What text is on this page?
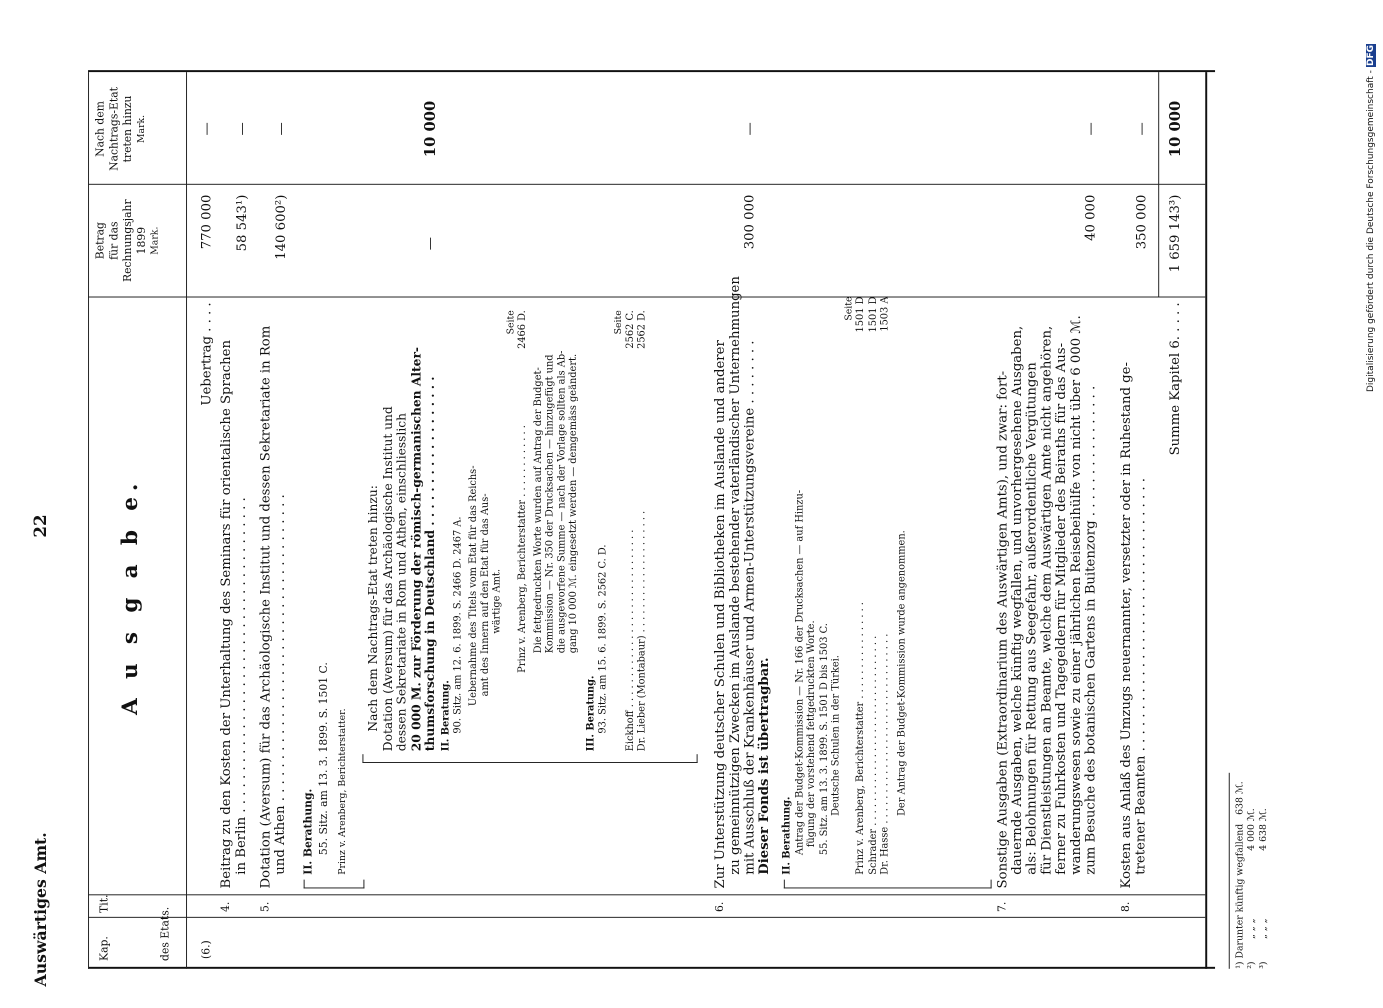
Auswärtiges Amt.
22
Kap.
Tit.
des Etats.
A u s g a b e.
Betrag für das Rechnungsjahr 1899 Mark.
Nach dem Nachtrags-Etat treten hinzu Mark.
(6.)
Uebertrag . . . .
770 000
—
4.
Beitrag zu den Kosten der Unterhaltung des Seminars für orientalische Sprachen in Berlin . . . . . . . . . . . . . . . . . . . . . . . . . . . . . . . . . . . . . .
58 543¹)
—
5.
Dotation (Aversum) für das Archäologische Institut und dessen Sekretariate in Rom und Athen . . . . . . . . . . . . . . . . . . . . . . . . . . . . . . . . . . . . .
140 600²)
—
II. Berathung. 55. Sitz. am 13. 3. 1899. S. 1501 C. Prinz v. Arenberg, Berichterstatter.
Nach dem Nachtrags-Etat treten hinzu: Dotation (Aversum) für das Archäologische Institut und dessen Sekretariate in Rom und Athen, einschliesslich 20 000 M. zur Förderung der römisch-germanischen Alter- thumsforschung in Deutschland . . . . . . . . . . . . . . . . . .
10 000
—
II. Beratung. 90. Sitz. am 12. 6. 1899. S. 2466 D. 2467 A. Uebernahme des Titels vom Etat für das Reichs- amt des Innern auf den Etat für das Aus- wärtige Amt.
Seite
Prinz v. Arenberg, Berichterstatter . . . . . . . . . . . .
2466 D.
Die fettgedruckten Worte wurden auf Antrag der Budget- Kommission — Nr. 350 der Drucksachen — hinzugefügt und die ausgeworfene Summe — nach der Vorlage sollten als Ab- gang 10 000 ℳ. eingesetzt werden — demgemäss geändert.
III. Beratung. 93. Sitz. am 15. 6. 1899. S. 2562 C. D.
Seite
Eickhoff . . . . . . . . . . . . . . . . . . . . . . . . . . . . .
2562 C.
Dr. Lieber (Montabaur) . . . . . . . . . . . . . . . . . . . .
2562 D.
6.
Zur Unterstützung deutscher Schulen und Bibliotheken im Auslande und anderer zu gemeinnützigen Zwecken im Auslande bestehender vaterländischer Unternehmungen mit Ausschluß der Krankenhäuser und Armen-Unterstützungsvereine . . . . . . . . Dieser Fonds ist übertragbar.
300 000
—
II. Berathung. Antrag der Budget-Kommission — Nr. 166 der Drucksachen — auf Hinzu- fügung der vorstehend fettgedruckten Worte. 55. Sitz. am 13. 3. 1899. S. 1501 D bis 1503 C. Deutsche Schulen in der Türkei.
Seite
Prinz v. Arenberg, Berichterstatter . . . . . . . . . . . . . . . .
1501 D
Schrader . . . . . . . . . . . . . . . . . . . . . . . . . . . . . . .
1501 D
Dr. Hasse . . . . . . . . . . . . . . . . . . . . . . . . . . . . . . .
1503 A
Der Antrag der Budget-Kommission wurde angenommen.
7.
Sonstige Ausgaben (Extraordinarium des Auswärtigen Amts), und zwar: fort- dauernde Ausgaben, welche künftig wegfallen, und unvorhergesehene Ausgaben, als: Belohnungen für Rettung aus Seegefahr, außerordentliche Vergütungen für Dienstleistungen an Beamte, welche dem Auswärtigen Amte nicht angehören, ferner zu Fuhrkosten und Tagegeldern für Mitglieder des Beiraths für das Aus- wanderungswesen sowie zu einer jährlichen Reisebeihülfe von nicht über 6 000 ℳ. zum Besuche des botanischen Gartens in Buitenzorg . . . . . . . . . . . . . . . .
40 000
—
8.
Kosten aus Anlaß des Umzugs neuernannter, versetzter oder in Ruhestand ge- tretener Beamten . . . . . . . . . . . . . . . . . . . . . . . . . . . . . . . . .
350 000
—
Summe Kapitel 6. . . . .
1 659 143³)
10 000
¹) Darunter künftig wegfallend   638 ℳ.
²) „ „ „   4 000 ℳ.
³) „ „ „   4 638 ℳ.
Digitalisierung gefördert durch die Deutsche Forschungsgemeinschaft - DFG
